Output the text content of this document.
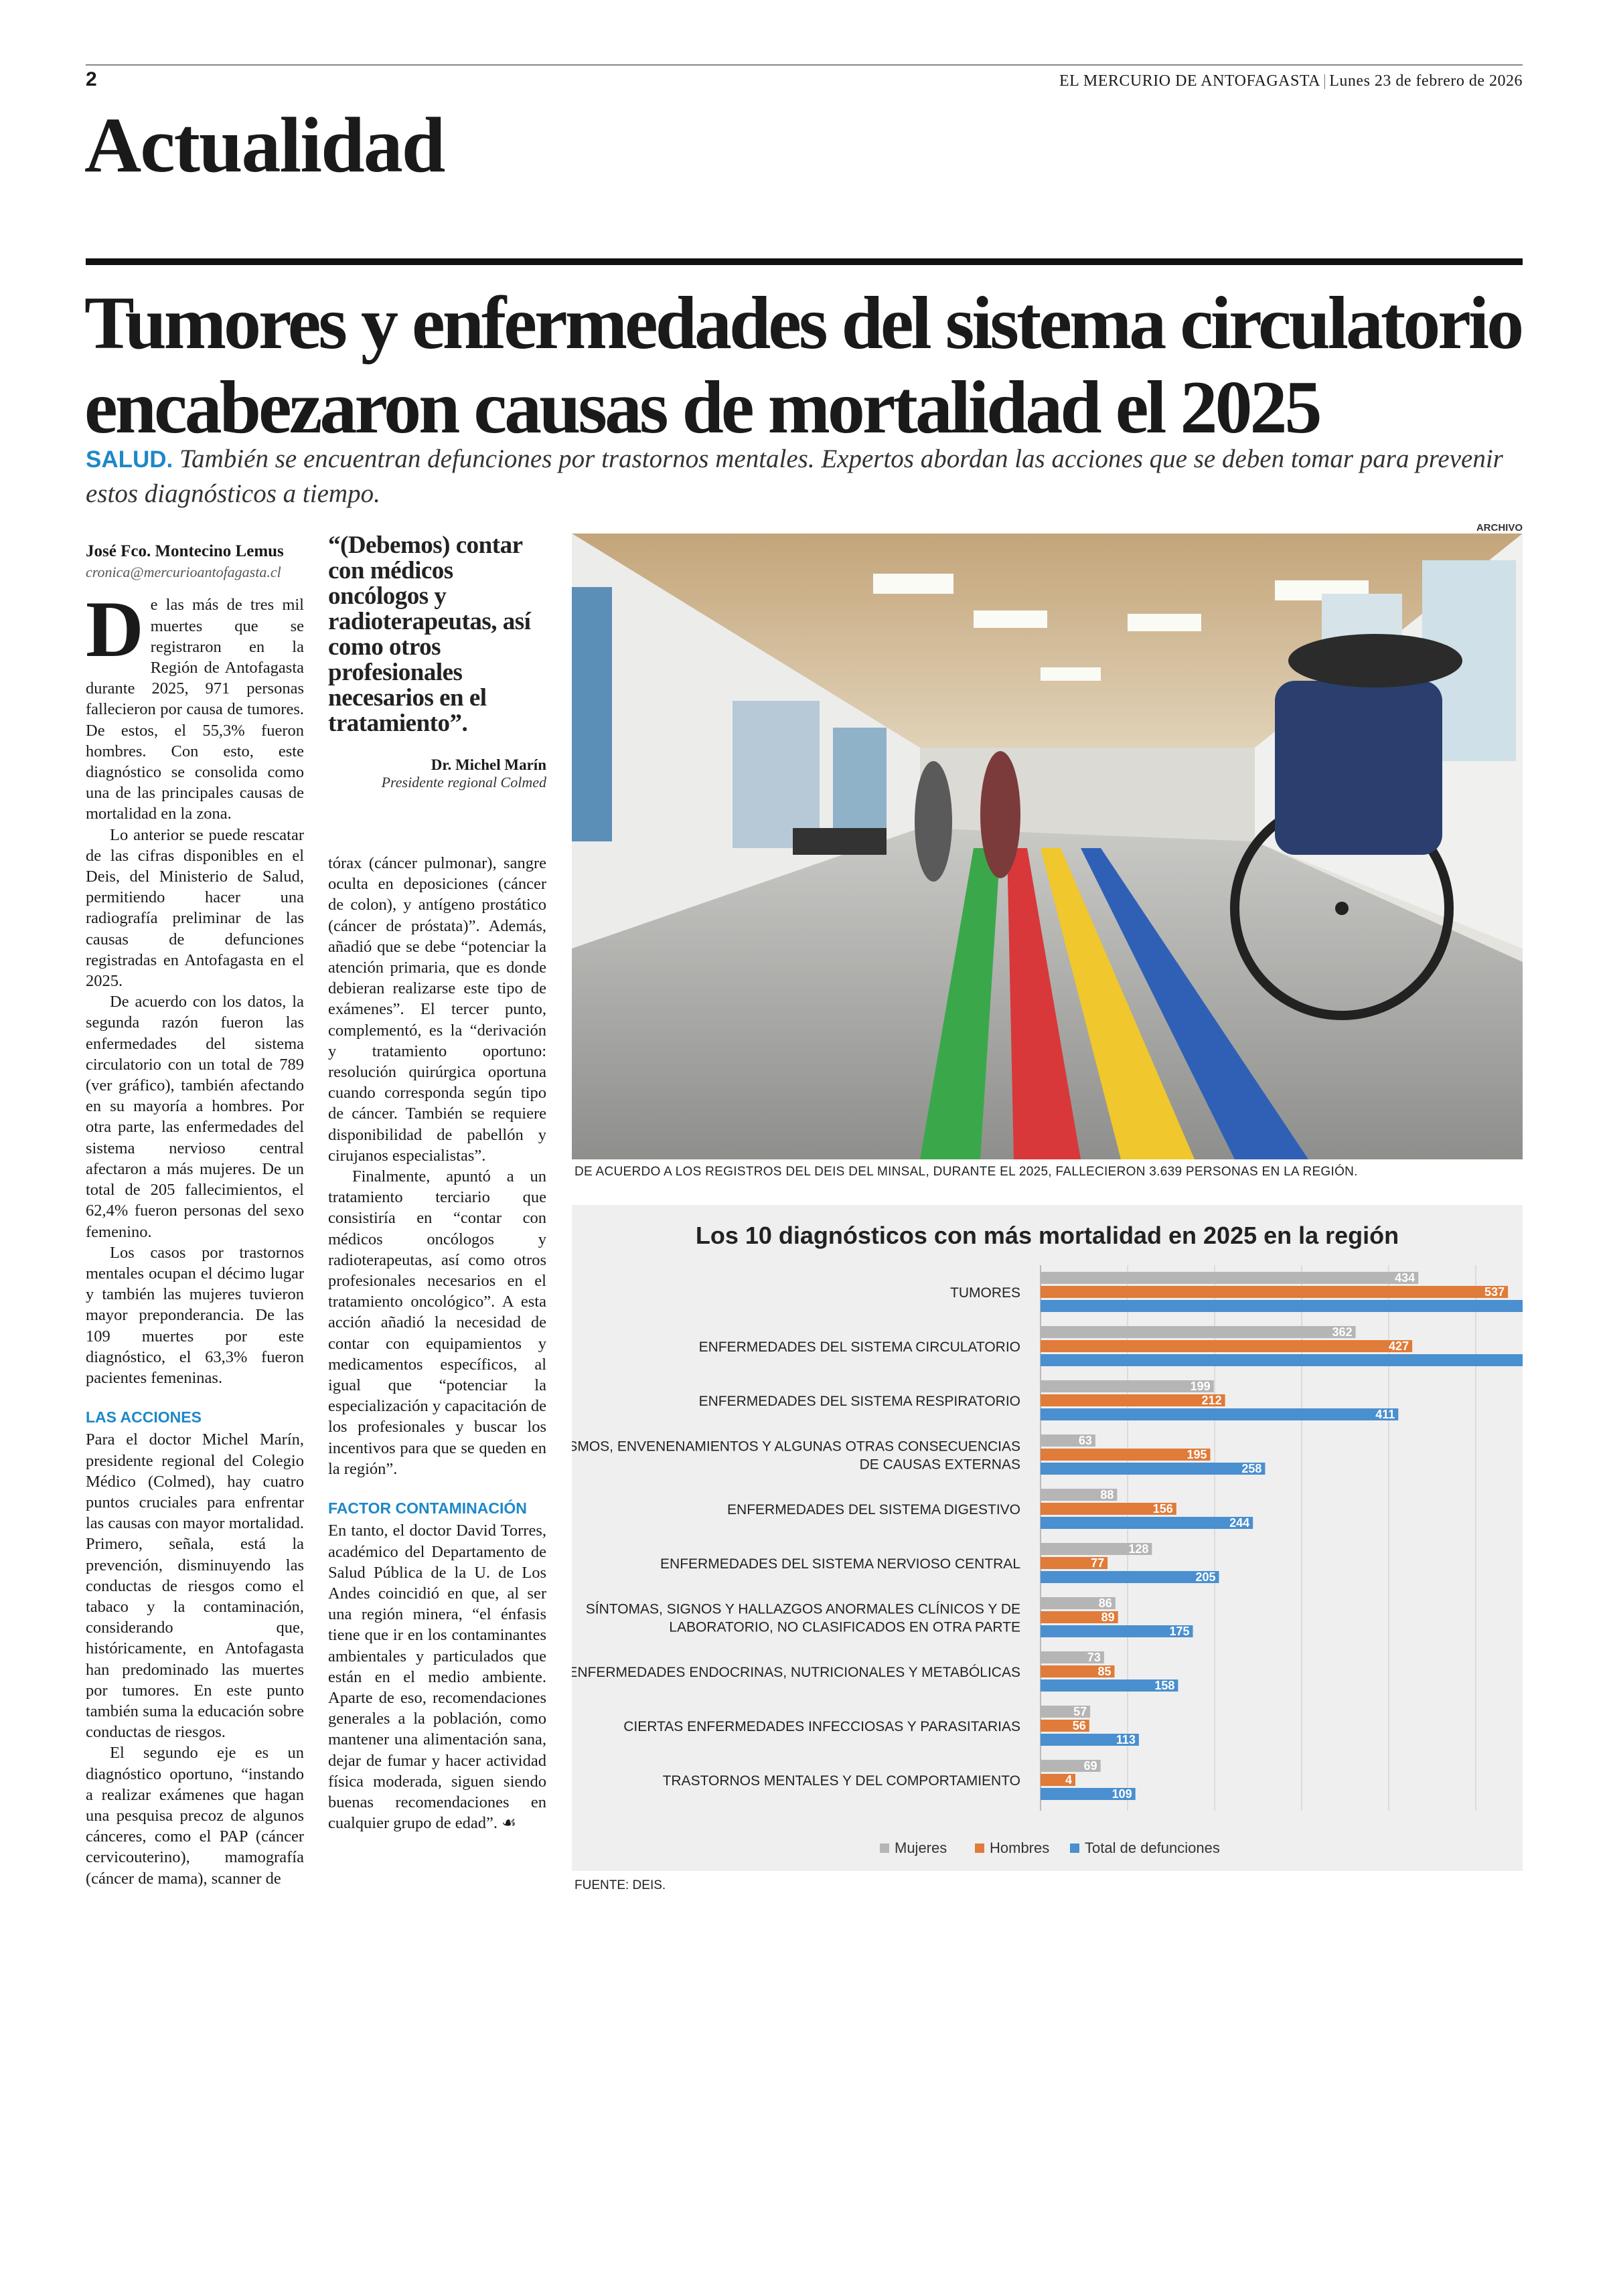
2	EL MERCURIO DE ANTOFAGASTA | Lunes 23 de febrero de 2026
Actualidad
Tumores y enfermedades del sistema circulatorio
encabezaron causas de mortalidad el 2025
SALUD. También se encuentran defunciones por trastornos mentales. Expertos abordan las acciones que se deben tomar para prevenir estos diagnósticos a tiempo.
José Fco. Montecino Lemus
cronica@mercurioantofagasta.cl

De las más de tres mil muertes que se registraron en la Región de Antofagasta durante 2025, 971 personas fallecieron por causa de tumores. De estos, el 55,3% fueron hombres. Con esto, este diagnóstico se consolida como una de las principales causas de mortalidad en la zona.

Lo anterior se puede rescatar de las cifras disponibles en el Deis, del Ministerio de Salud, permitiendo hacer una radiografía preliminar de las causas de defunciones registradas en Antofagasta en el 2025.

De acuerdo con los datos, la segunda razón fueron las enfermedades del sistema circulatorio con un total de 789 (ver gráfico), también afectando en su mayoría a hombres. Por otra parte, las enfermedades del sistema nervioso central afectaron a más mujeres. De un total de 205 fallecimientos, el 62,4% fueron personas del sexo femenino.

Los casos por trastornos mentales ocupan el décimo lugar y también las mujeres tuvieron mayor preponderancia. De las 109 muertes por este diagnóstico, el 63,3% fueron pacientes femeninas.

LAS ACCIONES

Para el doctor Michel Marín, presidente regional del Colegio Médico (Colmed), hay cuatro puntos cruciales para enfrentar las causas con mayor mortalidad. Primero, señala, está la prevención, disminuyendo las conductas de riesgos como el tabaco y la contaminación, considerando que, históricamente, en Antofagasta han predominado las muertes por tumores. En este punto también suma la educación sobre conductas de riesgos.

El segundo eje es un diagnóstico oportuno, “instando a realizar exámenes que hagan una pesquisa precoz de algunos cánceres, como el PAP (cáncer cervicouterino), mamografía (cáncer de mama), scanner de

“(Debemos) contar con médicos oncólogos y radioterapeutas, así como otros profesionales necesarios en el tratamiento”.
Dr. Michel Marín
Presidente regional Colmed

tórax (cáncer pulmonar), sangre oculta en deposiciones (cáncer de colon), y antígeno prostático (cáncer de próstata)”. Además, añadió que se debe “potenciar la atención primaria, que es donde debieran realizarse este tipo de exámenes”. El tercer punto, complementó, es la “derivación y tratamiento oportuno: resolución quirúrgica oportuna cuando corresponda según tipo de cáncer. También se requiere disponibilidad de pabellón y cirujanos especialistas”.

Finalmente, apuntó a un tratamiento terciario que consistiría en “contar con médicos oncólogos y radioterapeutas, así como otros profesionales necesarios en el tratamiento oncológico”. A esta acción añadió la necesidad de contar con equipamientos y medicamentos específicos, al igual que “potenciar la especialización y capacitación de los profesionales y buscar los incentivos para que se queden en la región”.

FACTOR CONTAMINACIÓN

En tanto, el doctor David Torres, académico del Departamento de Salud Pública de la U. de Los Andes coincidió en que, al ser una región minera, “el énfasis tiene que ir en los contaminantes ambientales y particulados que están en el medio ambiente. Aparte de eso, recomendaciones generales a la población, como mantener una alimentación sana, dejar de fumar y hacer actividad física moderada, siguen siendo buenas recomendaciones en cualquier grupo de edad”. ☙

ARCHIVO
DE ACUERDO A LOS REGISTROS DEL DEIS DEL MINSAL, DURANTE EL 2025, FALLECIERON 3.639 PERSONAS EN LA REGIÓN.
Los 10 diagnósticos con más mortalidad en 2025 en la región
TUMORES
434
537
ENFERMEDADES DEL SISTEMA CIRCULATORIO
362
427
ENFERMEDADES DEL SISTEMA RESPIRATORIO
199
212
411
ISMOS, ENVENENAMIENTOS Y ALGUNAS OTRAS CONSECUENCIAS
DE CAUSAS EXTERNAS
63
195
258
ENFERMEDADES DEL SISTEMA DIGESTIVO
88
156
244
ENFERMEDADES DEL SISTEMA NERVIOSO CENTRAL
128
77
205
SÍNTOMAS, SIGNOS Y HALLAZGOS ANORMALES CLÍNICOS Y DE
LABORATORIO, NO CLASIFICADOS EN OTRA PARTE
86
89
175
ENFERMEDADES ENDOCRINAS, NUTRICIONALES Y METABÓLICAS
73
85
158
CIERTAS ENFERMEDADES INFECCIOSAS Y PARASITARIAS
57
56
113
TRASTORNOS MENTALES Y DEL COMPORTAMIENTO
69
4
109
Mujeres	Hombres Total de defunciones
FUENTE: DEIS.
